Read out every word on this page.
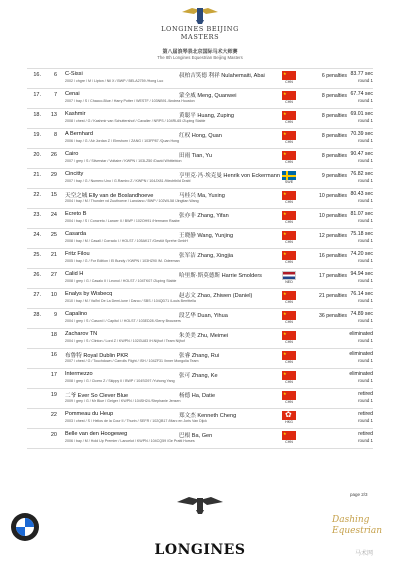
LONGINES BEIJING MASTERS
第八届浪琴表北京国际马术大师赛
The 8th Longines Equestrian Beijing Masters
16.	6 C-Sissi	叔柏吉笑德 利祥 Nulahemaiti, Abai
2002 / chgre / M / Lipton / Nil X / BWP / BELA2759 /Hong Luo
★	CHN
6 penalties 83.77 sec
round 1
17.	7 Cenai	蒙全威 Meng, Quanwei
2007 / bay / S / Chacco-Blue / Harry Potter / WESTF / 103NB91 /Andrea Houston
★	CHN
8 penalties 67.74 sec
round 1
18.	13 Kashmir	黄聪平 Huang, Zuping
2008 / chest / G / Kashmir van Schuttershof / Cavalier / NRPS / 104RL65 /Zuping Stable
★	CHN
8 penalties 69.01 sec
round 1
19.	8 A Bernhard	红权 Hong, Quan
2006 / bay / G / Air Jordan Z / Elmshorn / ZANG / 103FP87 /Quan Hong
★	CHN
8 penalties 70.39 sec
round 1
20.	26 Cairo	田雨 Tian, Yu
2007 / grey / S / Silverstar / Voltaire / KWPN / 103LZ50 /David Whittebion
★	CHN
8 penalties 90.47 sec
round 1
21.	29 Cincitty	亨里克·冯·埃克曼 Henrik von Eckermann
2007 / bay / G / Numero Uno / G.Ramiro Z / KWPN / 104JX81 /Mechthild Drabl	SWE
9 penalties 76.82 sec
round 1
22.	15 天空之城 Elly van de Boslandhoeve	马桂兴 Ma, Yuxing
2004 / bay / M / Thunder vd Zuuthoeve / Lanciano / BWP / 102WL58 /Jingtian Wang
★	CHN
10 penalties 80.43 sec
round 1
23.	24 Ecreto B	张亦非 Zhang, Yifan
2004 / bay / S / Concreto / Lancer II / BWP / 102OH91 /Hermann Raabe
★	CHN
10 penalties 81.07 sec
round 1
24.	25 Casarda	王晓静 Wang, Yunjing
2008 / bay / M / Casall / Corrado I / HOLST / 105AK17 /Gestüt Sprehe GmbH
★	CHN
12 penalties 75.18 sec
round 1
25.	21 Fritz Filou	张军洁 Zhang, Xingjia
2005 / bay / G / For Edition / El Bundy / KWPN / 103HZ90 /M. Odeeman
★	CHN
16 penalties 74.20 sec
round 1
26.	27 Calid H	哈里斯·斯莫德斯 Harrie Smolders
2008 / grey / G / Casalo II / Leonol / HOLST / 104TK07 /Zuping Stable	NED
17 penalties 94.94 sec
round 1
27.	10 Enalys by Wisbecq	赵志文 Zhao, Zhiwen (Daniel)
2010 / bay / M / Vall'ni De La Demi-lune / Darco / SBS / 104QD71 /Louis Berrittella
★	CHN
21 penalties 76.14 sec
round 1
28.	9 Capalino	段艺华 Duan, Yihua
2004 / grey / S / Casoni I / Capitol I / HOLST / 103ED28 /Gerry Brouwers
★	CHN
36 penalties 74.89 sec
round 1
18 Zacharov TN	朱美美 Zhu, Meimei
2004 / grey / S / Clinton / Lord Z / KWPN / 102GU83 /H.Nijhof / Team Nijhof
★	CHN
eliminated
round 1
16 布鲁特 Royal Dublin PKR	张睿 Zhang, Rui
2007 / chest / G / Touchdown / Carrolls Flight / ISH / 104ZF31 /Inner Mongolia Team
★	CHN
eliminated
round 1
17 Intermezzo	张可 Zhang, Ke
2008 / grey / G / Cicero Z / Skippy II / BWP / 104SG97 /Yuhong Yang
★	CHN
eliminated
round 1
19 二爷 Ever So Clever Blue	杨德 Ha, Datie
2009 / grey / G / Mr Blue / Geiger / KWPN / 104SH24 /Stephanie Jensen
★	CHN
retired
round 1
22 Pommeau du Heup	郑文杰 Kenneth Cheng
2003 / chest / S / Helios de la Cour II / Thurin / SEFR / 102QB17 /Marc en Joris Van Dijck
✿	HKG
retired
round 1
20 Belle van den Hoogeweg	巴根 Ba, Gen
2006 / bay / M / Hold Up Premier / Lancelot / KWPN / 104CQ59 /Ge Pratti Horses
★	CHN
retired
round 1
page 2/3
LONGINES
Dashing Equestrian
马术网
